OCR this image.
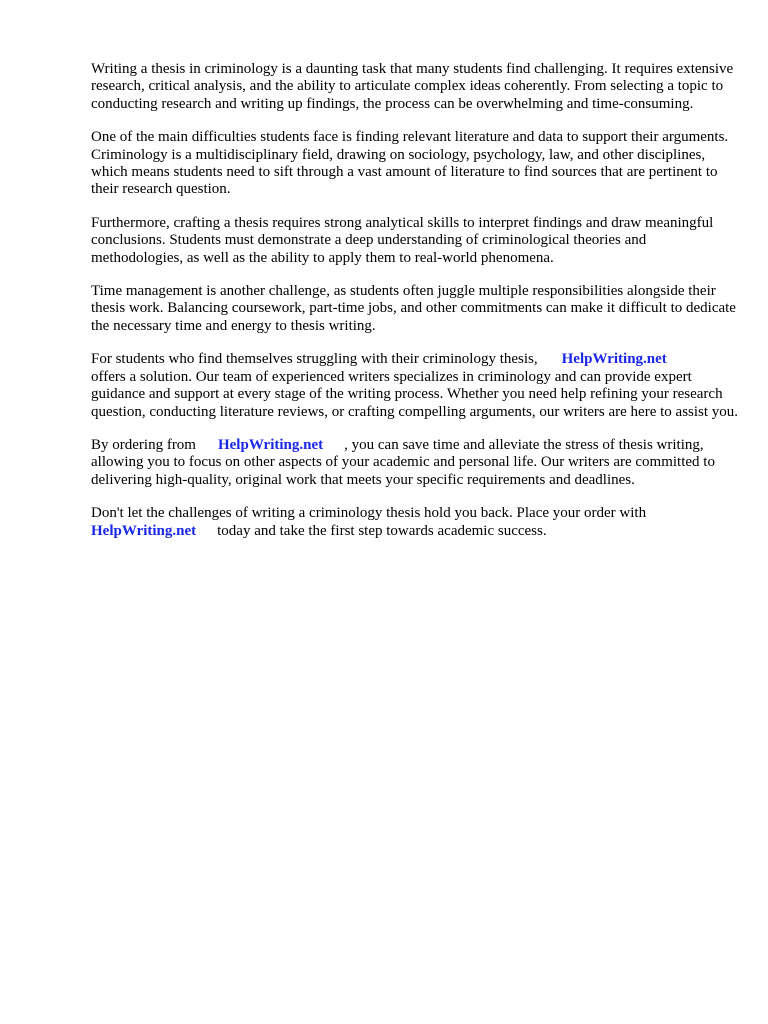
Writing a thesis in criminology is a daunting task that many students find challenging. It requires extensive research, critical analysis, and the ability to articulate complex ideas coherently. From selecting a topic to conducting research and writing up findings, the process can be overwhelming and time-consuming.

One of the main difficulties students face is finding relevant literature and data to support their arguments. Criminology is a multidisciplinary field, drawing on sociology, psychology, law, and other disciplines, which means students need to sift through a vast amount of literature to find sources that are pertinent to their research question.

Furthermore, crafting a thesis requires strong analytical skills to interpret findings and draw meaningful conclusions. Students must demonstrate a deep understanding of criminological theories and methodologies, as well as the ability to apply them to real-world phenomena.

Time management is another challenge, as students often juggle multiple responsibilities alongside their thesis work. Balancing coursework, part-time jobs, and other commitments can make it difficult to dedicate the necessary time and energy to thesis writing.

For students who find themselves struggling with their criminology thesis, HelpWriting.net
offers a solution. Our team of experienced writers specializes in criminology and can provide expert guidance and support at every stage of the writing process. Whether you need help refining your research question, conducting literature reviews, or crafting compelling arguments, our writers are here to assist you.

By ordering from HelpWriting.net , you can save time and alleviate the stress of thesis writing, allowing you to focus on other aspects of your academic and personal life. Our writers are committed to delivering high-quality, original work that meets your specific requirements and deadlines.

Don't let the challenges of writing a criminology thesis hold you back. Place your order with
HelpWriting.net today and take the first step towards academic success.
